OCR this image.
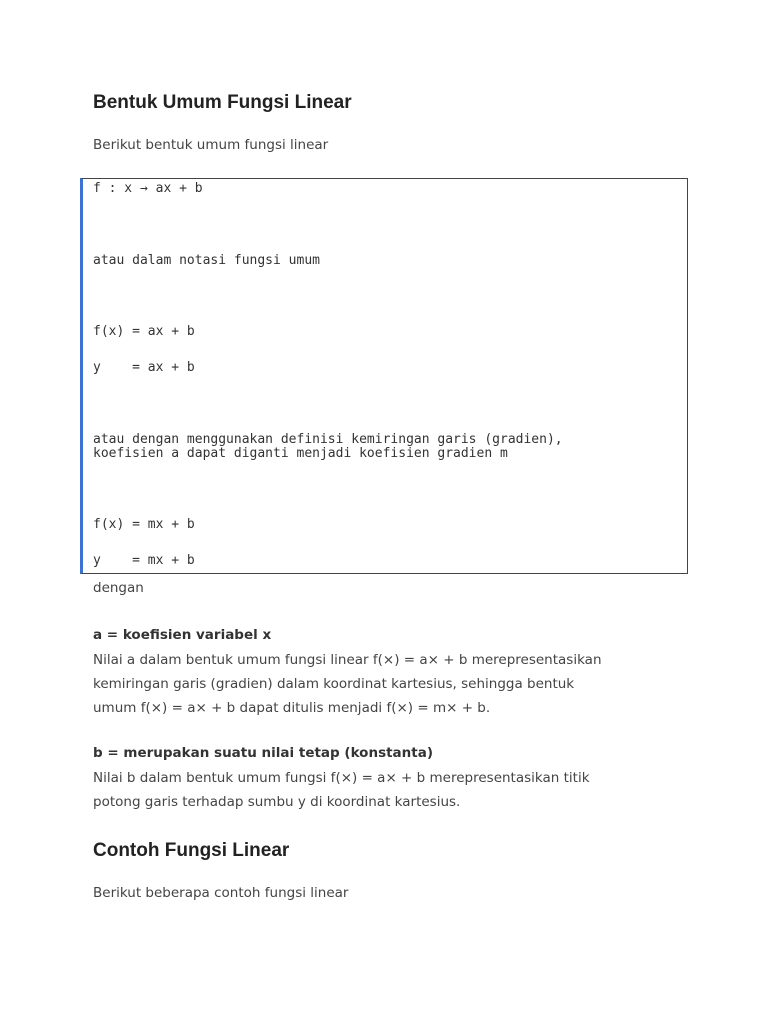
Bentuk Umum Fungsi Linear
Berikut bentuk umum fungsi linear
f : x → ax + b
atau dalam notasi fungsi umum
f(x) = ax + b
y    = ax + b
atau dengan menggunakan definisi kemiringan garis (gradien),
koefisien a dapat diganti menjadi koefisien gradien m
f(x) = mx + b
y    = mx + b
dengan
a = koefisien variabel x
Nilai a dalam bentuk umum fungsi linear f(×) = a× + b merepresentasikan
kemiringan garis (gradien) dalam koordinat kartesius, sehingga bentuk
umum f(×) = a× + b dapat ditulis menjadi f(×) = m× + b.
b = merupakan suatu nilai tetap (konstanta)
Nilai b dalam bentuk umum fungsi f(×) = a× + b merepresentasikan titik
potong garis terhadap sumbu y di koordinat kartesius.
Contoh Fungsi Linear
Berikut beberapa contoh fungsi linear
